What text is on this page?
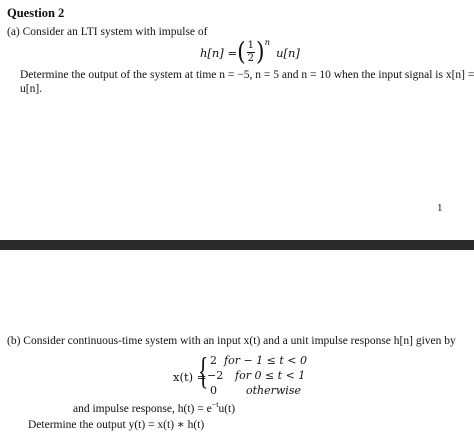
Question 2
(a) Consider an LTI system with impulse of
h[n] = ( $\frac{1}{2}$ ) n
u[n]
Determine the output of the system at time n = −5, n = 5 and n = 10 when the input signal is x[n] =
u[n].
1
(b) Consider continuous-time system with an input x(t) and a unit impulse response h[n] given by
x(t) =
{ 2 for − 1 ≤ t < 0
−2 for 0 ≤ t < 1
0	otherwise
and impulse response, $h(t) = e^{-t}u(t)$
Determine the output y(t) = x(t) ∗ h(t)
